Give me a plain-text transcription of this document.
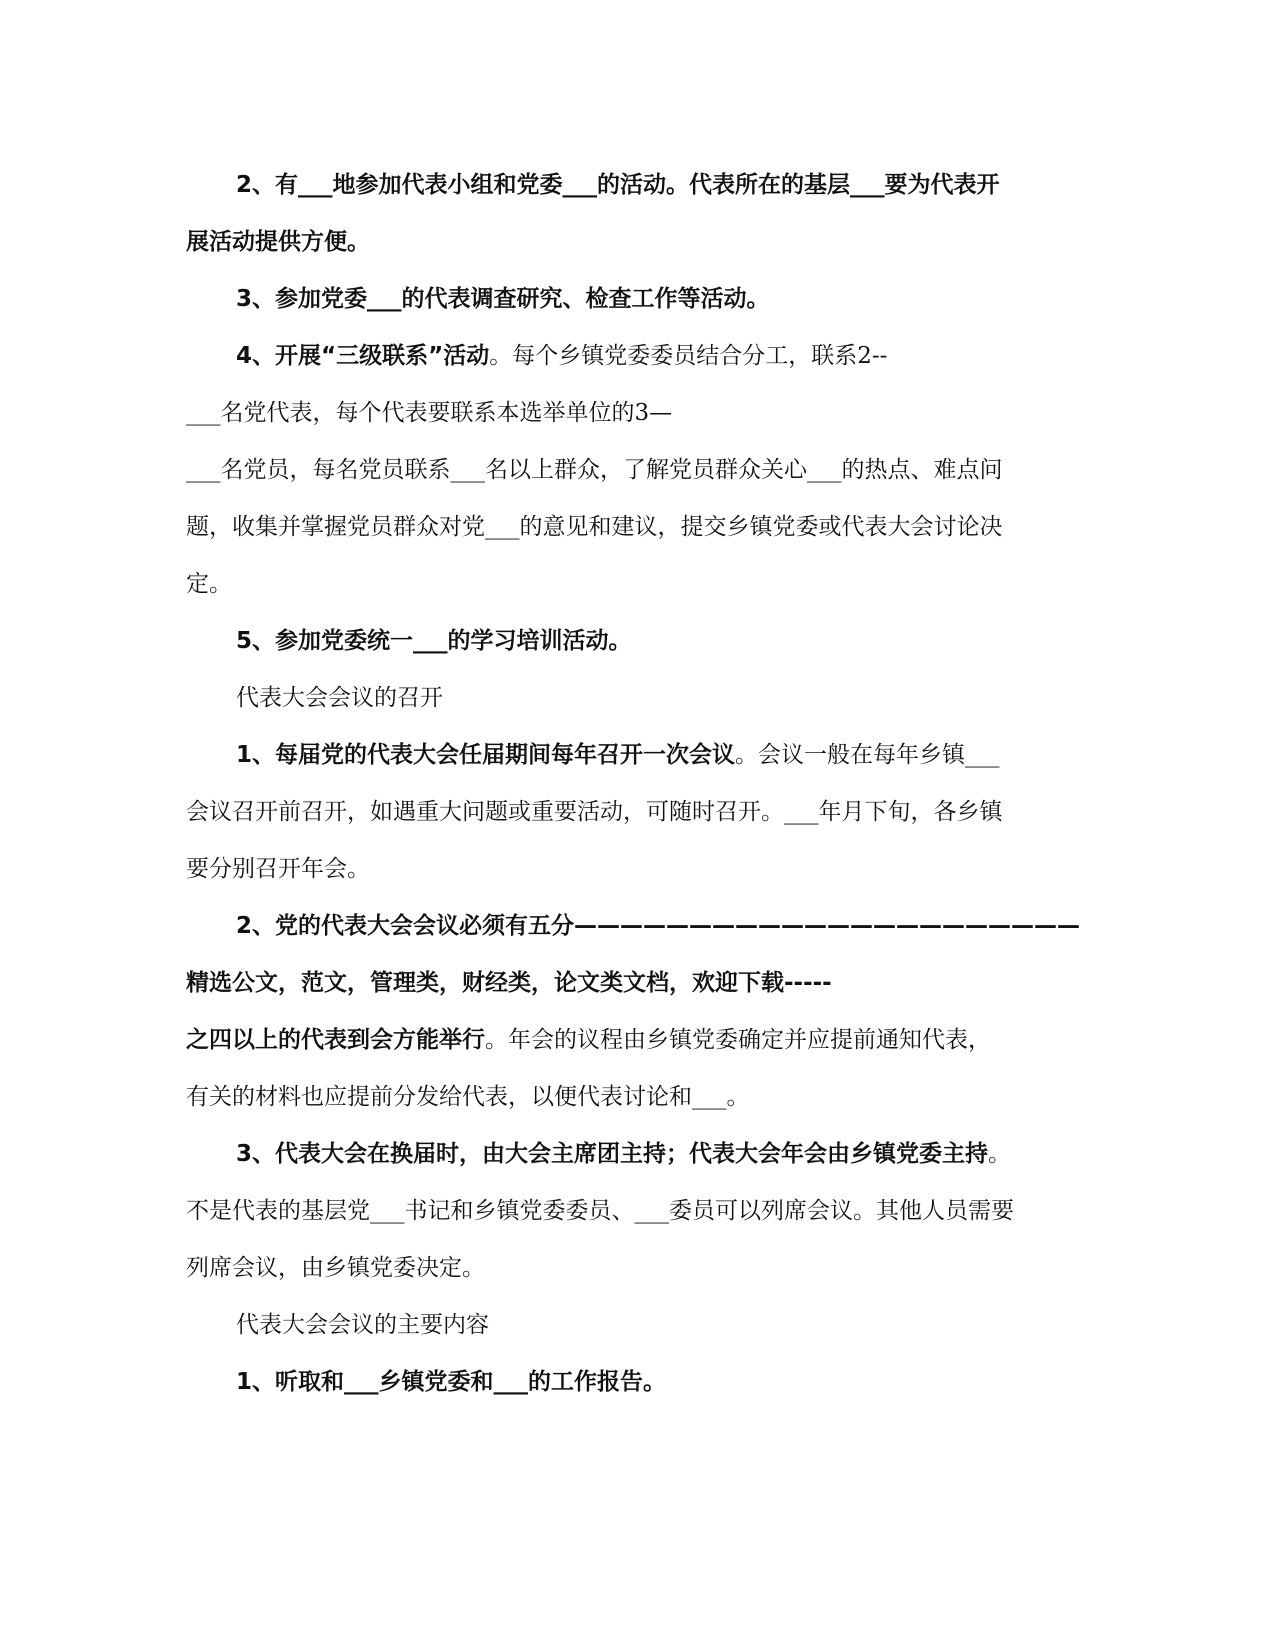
2、有___地参加代表小组和党委___的活动。代表所在的基层___要为代表开
展活动提供方便。
3、参加党委___的代表调查研究、检查工作等活动。
4、开展“三级联系”活动。每个乡镇党委委员结合分工，联系2--
___名党代表，每个代表要联系本选举单位的3—
___名党员，每名党员联系___名以上群众，了解党员群众关心___的热点、难点问
题，收集并掌握党员群众对党___的意见和建议，提交乡镇党委或代表大会讨论决
定。
5、参加党委统一___的学习培训活动。
代表大会会议的召开
1、每届党的代表大会任届期间每年召开一次会议。会议一般在每年乡镇___
会议召开前召开，如遇重大问题或重要活动，可随时召开。___年月下旬，各乡镇
要分别召开年会。
2、党的代表大会会议必须有五分——————————————————————
精选公文，范文，管理类，财经类，论文类文档，欢迎下载-----
之四以上的代表到会方能举行。年会的议程由乡镇党委确定并应提前通知代表，
有关的材料也应提前分发给代表，以便代表讨论和___。
3、代表大会在换届时，由大会主席团主持；代表大会年会由乡镇党委主持。
不是代表的基层党___书记和乡镇党委委员、___委员可以列席会议。其他人员需要
列席会议，由乡镇党委决定。
代表大会会议的主要内容
1、听取和___乡镇党委和___的工作报告。
